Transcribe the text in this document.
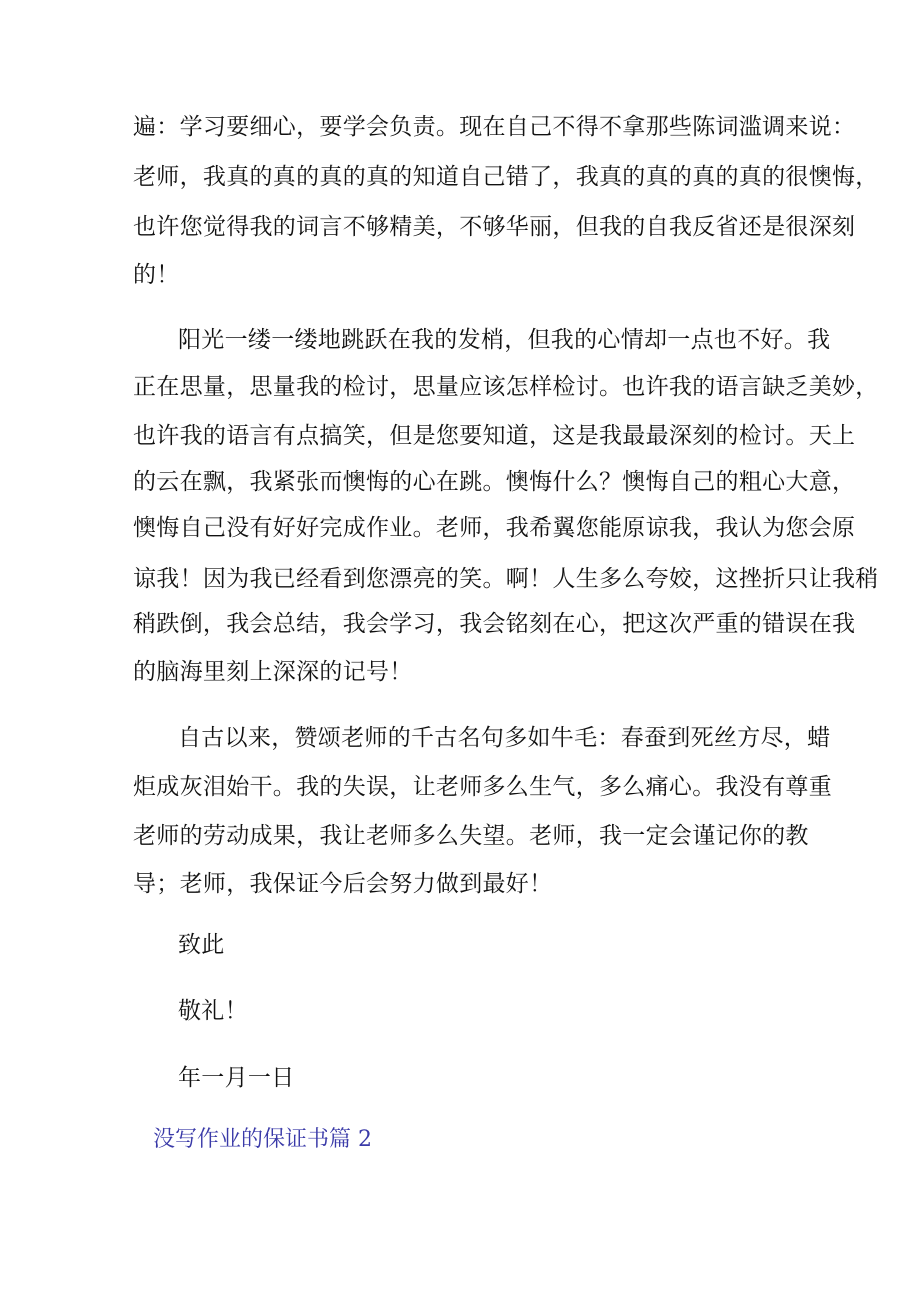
遍：学习要细心，要学会负责。现在自己不得不拿那些陈词滥调来说：
老师，我真的真的真的真的知道自己错了，我真的真的真的真的很懊悔，
也许您觉得我的词言不够精美，不够华丽，但我的自我反省还是很深刻
的！
阳光一缕一缕地跳跃在我的发梢，但我的心情却一点也不好。我
正在思量，思量我的检讨，思量应该怎样检讨。也许我的语言缺乏美妙，
也许我的语言有点搞笑，但是您要知道，这是我最最深刻的检讨。天上
的云在飘，我紧张而懊悔的心在跳。懊悔什么？懊悔自己的粗心大意，
懊悔自己没有好好完成作业。老师，我希翼您能原谅我，我认为您会原
谅我！因为我已经看到您漂亮的笑。啊！人生多么夸姣，这挫折只让我稍
稍跌倒，我会总结，我会学习，我会铭刻在心，把这次严重的错误在我
的脑海里刻上深深的记号！
自古以来，赞颂老师的千古名句多如牛毛：春蚕到死丝方尽，蜡
炬成灰泪始干。我的失误，让老师多么生气，多么痛心。我没有尊重
老师的劳动成果，我让老师多么失望。老师，我一定会谨记你的教
导；老师，我保证今后会努力做到最好！
致此
敬礼！
年一月一日
没写作业的保证书篇 2
